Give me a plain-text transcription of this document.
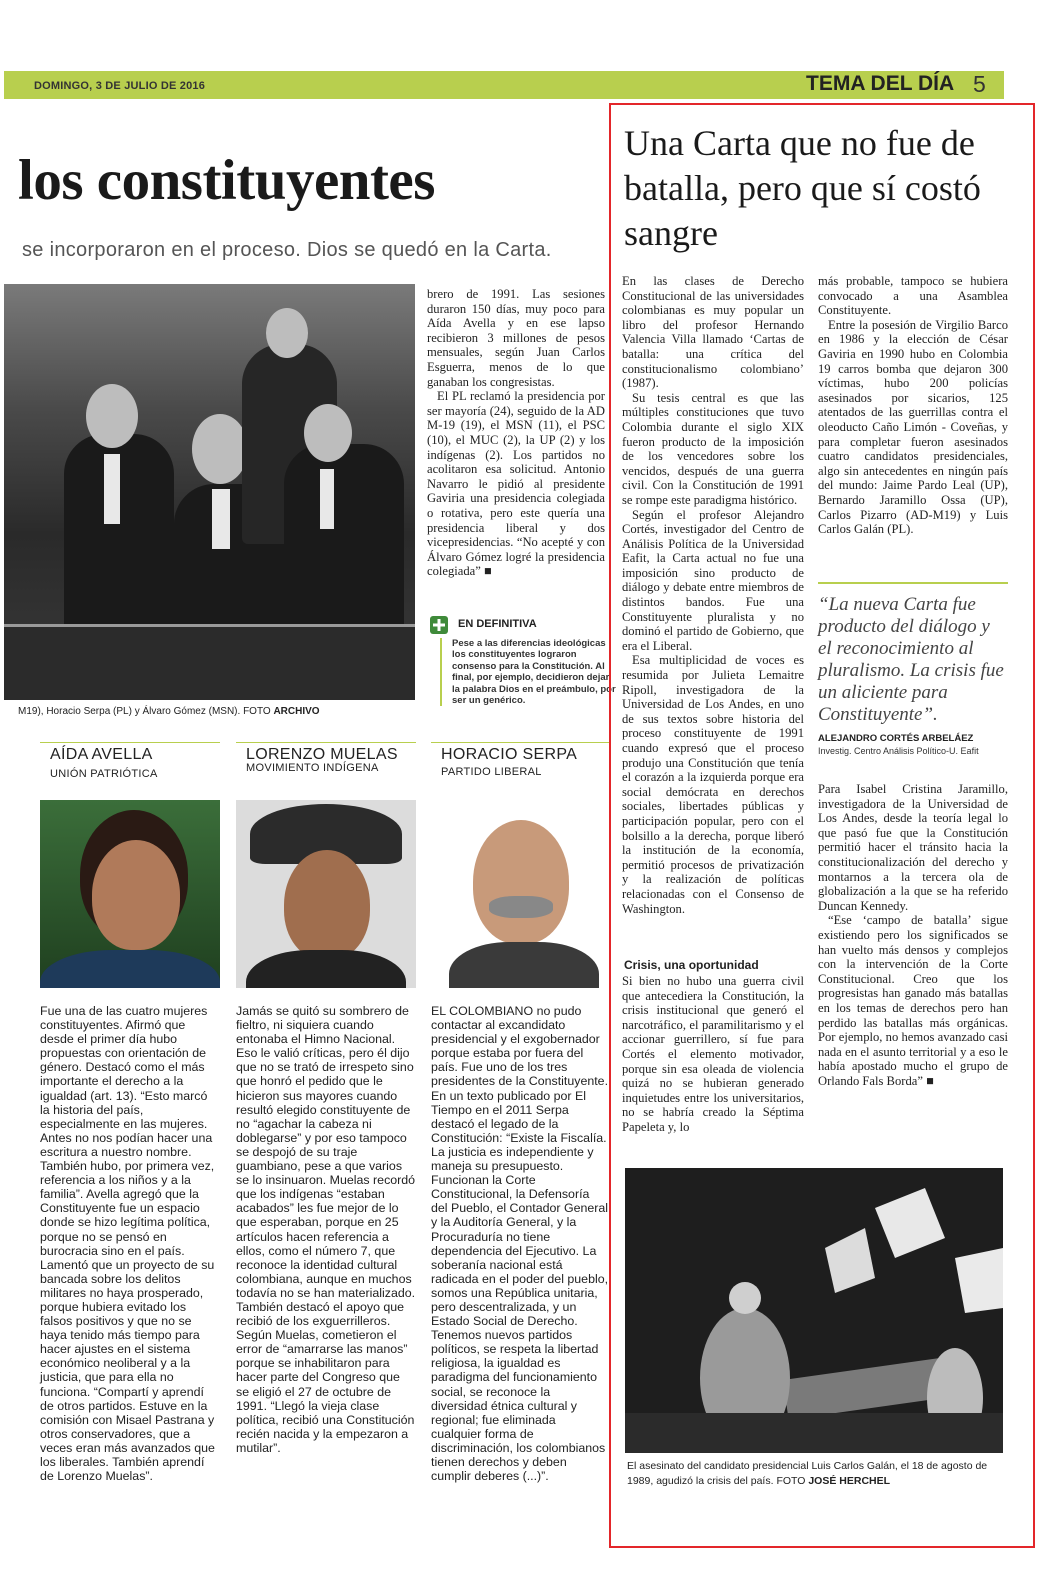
DOMINGO, 3 DE JULIO DE 2016	TEMA DEL DÍA 5
los constituyentes
se incorporaron en el proceso. Dios se quedó en la Carta.
M19), Horacio Serpa (PL) y Álvaro Gómez (MSN). FOTO ARCHIVO

brero de 1991. Las sesiones duraron 150 días, muy poco para Aída Avella y en ese lapso recibieron 3 millones de pesos mensuales, según Juan Carlos Esguerra, menos de lo que ganaban los congresistas.

El PL reclamó la presidencia por ser mayoría (24), seguido de la AD M-19 (19), el MSN (11), el PSC (10), el MUC (2), la UP (2) y los indígenas (2). Los partidos no acolitaron esa solicitud. Antonio Navarro le pidió al presidente Gaviria una presidencia colegiada o rotativa, pero este quería una presidencia liberal y dos vicepresidencias. “No acepté y con Álvaro Gómez logré la presidencia colegiada” ■

EN DEFINITIVA
Pese a las diferencias ideológicas los constituyentes lograron consenso para la Constitución. Al final, por ejemplo, decidieron dejar la palabra Dios en el preámbulo, por ser un genérico.
AÍDA AVELLA
UNIÓN PATRIÓTICA
Fue una de las cuatro mujeres constituyentes. Afirmó que desde el primer día hubo propuestas con orientación de género. Destacó como el más importante el derecho a la igualdad (art. 13). “Esto marcó la historia del país, especialmente en las mujeres. Antes no nos podían hacer una escritura a nuestro nombre. También hubo, por primera vez, referencia a los niños y a la familia”. Avella agregó que la Constituyente fue un espacio donde se hizo legítima política, porque no se pensó en burocracia sino en el país. Lamentó que un proyecto de su bancada sobre los delitos militares no haya prosperado, porque hubiera evitado los falsos positivos y que no se haya tenido más tiempo para hacer ajustes en el sistema económico neoliberal y a la justicia, que para ella no funciona. “Compartí y aprendí de otros partidos. Estuve en la comisión con Misael Pastrana y otros conservadores, que a veces eran más avanzados que los liberales. También aprendí de Lorenzo Muelas”.
LORENZO MUELAS
MOVIMIENTO INDÍGENA
Jamás se quitó su sombrero de fieltro, ni siquiera cuando entonaba el Himno Nacional. Eso le valió críticas, pero él dijo que no se trató de irrespeto sino que honró el pedido que le hicieron sus mayores cuando resultó elegido constituyente de no “agachar la cabeza ni doblegarse” y por eso tampoco se despojó de su traje guambiano, pese a que varios se lo insinuaron. Muelas recordó que los indígenas “estaban acabados” les fue mejor de lo que esperaban, porque en 25 artículos hacen referencia a ellos, como el número 7, que reconoce la identidad cultural colombiana, aunque en muchos todavía no se han materializado. También destacó el apoyo que recibió de los exguerrilleros. Según Muelas, cometieron el error de “amarrarse las manos” porque se inhabilitaron para hacer parte del Congreso que se eligió el 27 de octubre de 1991. “Llegó la vieja clase política, recibió una Constitución recién nacida y la empezaron a mutilar”.
HORACIO SERPA
PARTIDO LIBERAL
EL COLOMBIANO no pudo contactar al excandidato presidencial y el exgobernador porque estaba por fuera del país. Fue uno de los tres presidentes de la Constituyente. En un texto publicado por El Tiempo en el 2011 Serpa destacó el legado de la Constitución: “Existe la Fiscalía. La justicia es independiente y maneja su presupuesto. Funcionan la Corte Constitucional, la Defensoría del Pueblo, el Contador General y la Auditoría General, y la Procuraduría no tiene dependencia del Ejecutivo. La soberanía nacional está radicada en el poder del pueblo, somos una República unitaria, pero descentralizada, y un Estado Social de Derecho. Tenemos nuevos partidos políticos, se respeta la libertad religiosa, la igualdad es paradigma del funcionamiento social, se reconoce la diversidad étnica cultural y regional; fue eliminada cualquier forma de discriminación, los colombianos tienen derechos y deben cumplir deberes (...)”.
Una Carta que no fue de batalla, pero que sí costó sangre

En las clases de Derecho Constitucional de las universidades colombianas es muy popular un libro del profesor Hernando Valencia Villa llamado ‘Cartas de batalla: una crítica del constitucionalismo colombiano’ (1987).

Su tesis central es que las múltiples constituciones que tuvo Colombia durante el siglo XIX fueron producto de la imposición de los vencedores sobre los vencidos, después de una guerra civil. Con la Constitución de 1991 se rompe este paradigma histórico.

Según el profesor Alejandro Cortés, investigador del Centro de Análisis Política de la Universidad Eafit, la Carta actual no fue una imposición sino producto de diálogo y debate entre miembros de distintos bandos. Fue una Constituyente pluralista y no dominó el partido de Gobierno, que era el Liberal.

Esa multiplicidad de voces es resumida por Julieta Lemaitre Ripoll, investigadora de la Universidad de Los Andes, en uno de sus textos sobre historia del proceso constituyente de 1991 cuando expresó que el proceso produjo una Constitución que tenía el corazón a la izquierda porque era social demócrata en derechos sociales, libertades públicas y participación popular, pero con el bolsillo a la derecha, porque liberó la institución de la economía, permitió procesos de privatización y la realización de políticas relacionadas con el Consenso de Washington.

Crisis, una oportunidad

Si bien no hubo una guerra civil que antecediera la Constitución, la crisis institucional que generó el narcotráfico, el paramilitarismo y el accionar guerrillero, sí fue para Cortés el elemento motivador, porque sin esa oleada de violencia quizá no se hubieran generado inquietudes entre los universitarios, no se habría creado la Séptima Papeleta y, lo

más probable, tampoco se hubiera convocado a una Asamblea Constituyente.

Entre la posesión de Virgilio Barco en 1986 y la elección de César Gaviria en 1990 hubo en Colombia 19 carros bomba que dejaron 300 víctimas, hubo 200 policías asesinados por sicarios, 125 atentados de las guerrillas contra el oleoducto Caño Limón - Coveñas, y para completar fueron asesinados cuatro candidatos presidenciales, algo sin antecedentes en ningún país del mundo: Jaime Pardo Leal (UP), Bernardo Jaramillo Ossa (UP), Carlos Pizarro (AD-M19) y Luis Carlos Galán (PL).

“La nueva Carta fue producto del diálogo y el reconocimiento al pluralismo. La crisis fue un aliciente para Constituyente”.
ALEJANDRO CORTÉS ARBELÁEZ
Investig. Centro Análisis Político-U. Eafit

Para Isabel Cristina Jaramillo, investigadora de la Universidad de Los Andes, desde la teoría legal lo que pasó fue que la Constitución permitió hacer el tránsito hacia la constitucionalización del derecho y montarnos a la tercera ola de globalización a la que se ha referido Duncan Kennedy.

“Ese ‘campo de batalla’ sigue existiendo pero los significados se han vuelto más densos y complejos con la intervención de la Corte Constitucional. Creo que los progresistas han ganado más batallas en los temas de derechos pero han perdido las batallas más orgánicas. Por ejemplo, no hemos avanzado casi nada en el asunto territorial y a eso le había apostado mucho el grupo de Orlando Fals Borda” ■

El asesinato del candidato presidencial Luis Carlos Galán, el 18 de agosto de 1989, agudizó la crisis del país. FOTO JOSÉ HERCHEL
